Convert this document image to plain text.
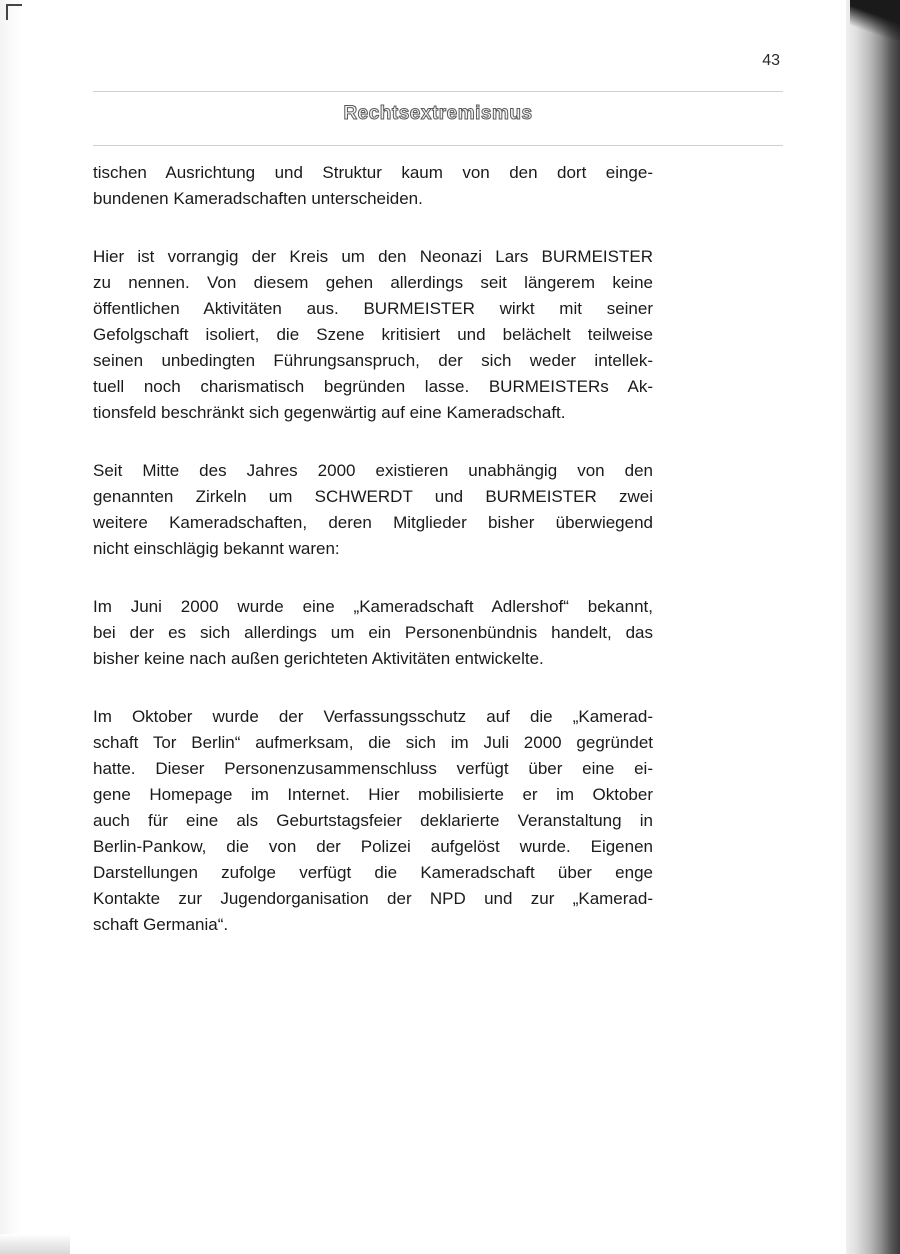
43
Rechtsextremismus
tischen Ausrichtung und Struktur kaum von den dort einge-
bundenen Kameradschaften unterscheiden.
Hier ist vorrangig der Kreis um den Neonazi Lars BURMEISTER
zu nennen. Von diesem gehen allerdings seit längerem keine
öffentlichen Aktivitäten aus. BURMEISTER wirkt mit seiner
Gefolgschaft isoliert, die Szene kritisiert und belächelt teilweise
seinen unbedingten Führungsanspruch, der sich weder intellek-
tuell noch charismatisch begründen lasse. BURMEISTERs Ak-
tionsfeld beschränkt sich gegenwärtig auf eine Kameradschaft.
Seit Mitte des Jahres 2000 existieren unabhängig von den
genannten Zirkeln um SCHWERDT und BURMEISTER zwei
weitere Kameradschaften, deren Mitglieder bisher überwiegend
nicht einschlägig bekannt waren:
Im Juni 2000 wurde eine „Kameradschaft Adlershof“ bekannt,
bei der es sich allerdings um ein Personenbündnis handelt, das
bisher keine nach außen gerichteten Aktivitäten entwickelte.
Im Oktober wurde der Verfassungsschutz auf die „Kamerad-
schaft Tor Berlin“ aufmerksam, die sich im Juli 2000 gegründet
hatte. Dieser Personenzusammenschluss verfügt über eine ei-
gene Homepage im Internet. Hier mobilisierte er im Oktober
auch für eine als Geburtstagsfeier deklarierte Veranstaltung in
Berlin-Pankow, die von der Polizei aufgelöst wurde. Eigenen
Darstellungen zufolge verfügt die Kameradschaft über enge
Kontakte zur Jugendorganisation der NPD und zur „Kamerad-
schaft Germania“.
